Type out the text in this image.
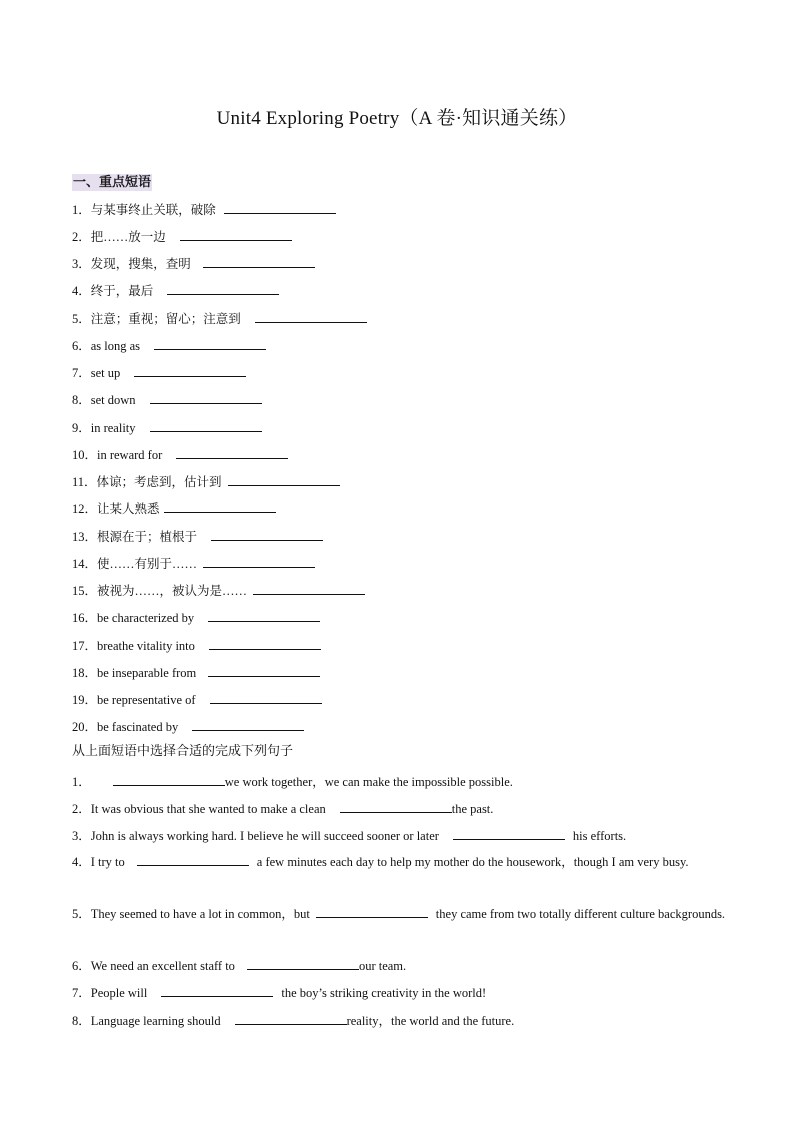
Unit4 Exploring Poetry（A 卷·知识通关练）
一、重点短语
1．与某事终止关联，破除
2．把……放一边
3．发现，搜集，查明
4．终于，最后
5．注意；重视；留心；注意到
6．as long as
7．set up
8．set down
9．in reality
10．in reward for
11．体谅；考虑到，估计到
12．让某人熟悉
13．根源在于；植根于
14．使……有别于……
15．被视为……，被认为是……
16．be characterized by
17．breathe vitality into
18．be inseparable from
19．be representative of
20．be fascinated by
从上面短语中选择合适的完成下列句子
1．	we work together，we can make the impossible possible.
2．It was obvious that she wanted to make a clean	the past.
3．John is always working hard. I believe he will succeed sooner or later	his efforts.
4．I try to	a few minutes each day to help my mother do the housework，though I am very busy.
5．They seemed to have a lot in common，but	they came from two totally different culture backgrounds.
6．We need an excellent staff to	our team.
7．People will	the boy’s striking creativity in the world!
8．Language learning should	reality，the world and the future.
